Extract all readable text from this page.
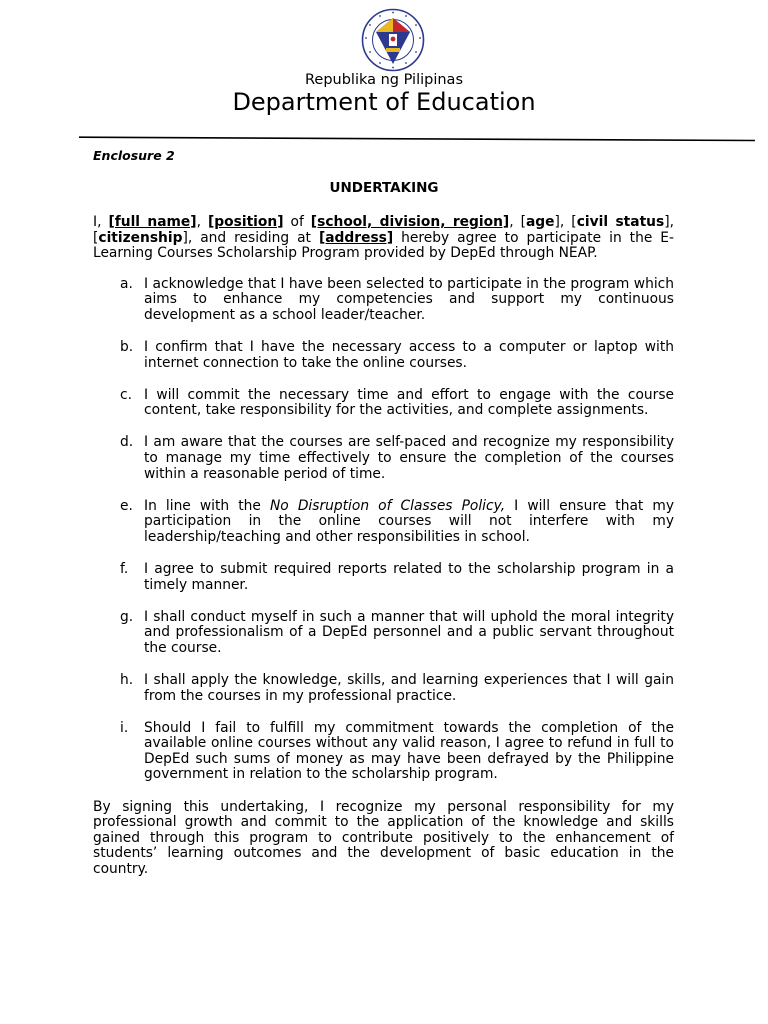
Republika ng Pilipinas
Department of Education
Enclosure 2
UNDERTAKING

I, [full name], [position] of [school, division, region], [age], [civil status], [citizenship], and residing at [address] hereby agree to participate in the E-Learning Courses Scholarship Program provided by DepEd through NEAP.

a. I acknowledge that I have been selected to participate in the program which aims to enhance my competencies and support my continuous development as a school leader/teacher.
b. I confirm that I have the necessary access to a computer or laptop with internet connection to take the online courses.
c. I will commit the necessary time and effort to engage with the course content, take responsibility for the activities, and complete assignments.
d. I am aware that the courses are self-paced and recognize my responsibility to manage my time effectively to ensure the completion of the courses within a reasonable period of time.
e. In line with the No Disruption of Classes Policy, I will ensure that my participation in the online courses will not interfere with my leadership/teaching and other responsibilities in school.
f. I agree to submit required reports related to the scholarship program in a timely manner.
g. I shall conduct myself in such a manner that will uphold the moral integrity and professionalism of a DepEd personnel and a public servant throughout the course.
h. I shall apply the knowledge, skills, and learning experiences that I will gain from the courses in my professional practice.
i. Should I fail to fulfill my commitment towards the completion of the available online courses without any valid reason, I agree to refund in full to DepEd such sums of money as may have been defrayed by the Philippine government in relation to the scholarship program.

By signing this undertaking, I recognize my personal responsibility for my professional growth and commit to the application of the knowledge and skills gained through this program to contribute positively to the enhancement of students’ learning outcomes and the development of basic education in the country.
